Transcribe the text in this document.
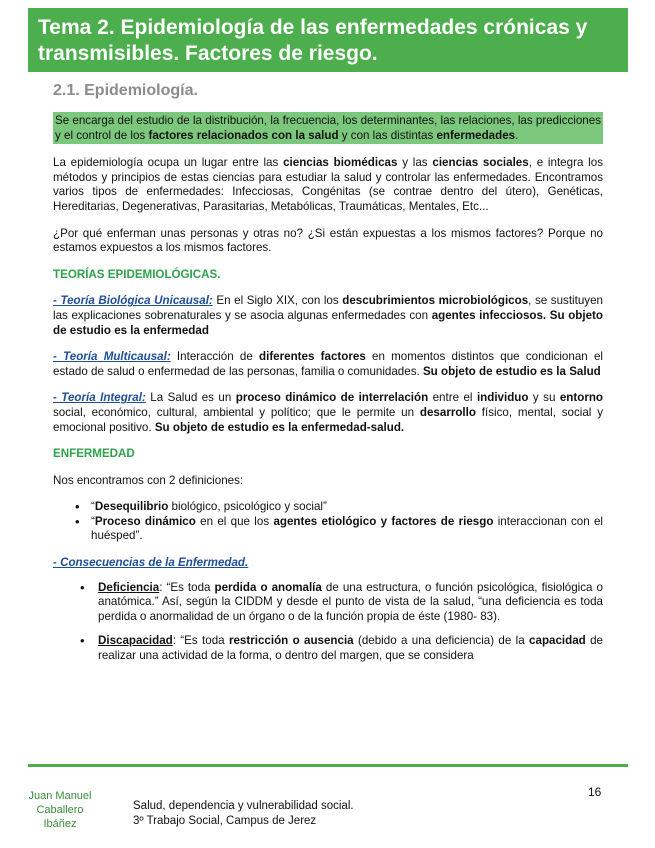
Tema 2. Epidemiología de las enfermedades crónicas y transmisibles. Factores de riesgo.
2.1. Epidemiología.

Se encarga del estudio de la distribución, la frecuencia, los determinantes, las relaciones, las predicciones y el control de los factores relacionados con la salud y con las distintas enfermedades.

La epidemiología ocupa un lugar entre las ciencias biomédicas y las ciencias sociales, e integra los métodos y principios de estas ciencias para estudiar la salud y controlar las enfermedades. Encontramos varios tipos de enfermedades: Infecciosas, Congénitas (se contrae dentro del útero), Genéticas, Hereditarias, Degenerativas, Parasitarias, Metabólicas, Traumáticas, Mentales, Etc...

¿Por qué enferman unas personas y otras no? ¿Si están expuestas a los mismos factores? Porque no estamos expuestos a los mismos factores.

TEORÍAS EPIDEMIOLÓGICAS.

- Teoría Biológica Unicausal: En el Siglo XIX, con los descubrimientos microbiológicos, se sustituyen las explicaciones sobrenaturales y se asocia algunas enfermedades con agentes infecciosos. Su objeto de estudio es la enfermedad

- Teoría Multicausal: Interacción de diferentes factores en momentos distintos que condicionan el estado de salud o enfermedad de las personas, familia o comunidades. Su objeto de estudio es la Salud

- Teoría Integral: La Salud es un proceso dinámico de interrelación entre el individuo y su entorno social, económico, cultural, ambiental y político; que le permite un desarrollo físico, mental, social y emocional positivo. Su objeto de estudio es la enfermedad-salud.

ENFERMEDAD

Nos encontramos con 2 definiciones:

• “Desequilibrio biológico, psicológico y social”
• “Proceso dinámico en el que los agentes etiológico y factores de riesgo interaccionan con el huésped”.
- Consecuencias de la Enfermedad.
• Deficiencia: “Es toda perdida o anomalía de una estructura, o función psicológica, fisiológica o anatómica.” Así, según la CIDDM y desde el punto de vista de la salud, “una deficiencia es toda perdida o anormalidad de un órgano o de la función propia de éste (1980- 83).
• Discapacidad: “Es toda restricción o ausencia (debido a una deficiencia) de la capacidad de realizar una actividad de la forma, o dentro del margen, que se considera
16
Juan Manuel
Caballero
Ibáñez
Salud, dependencia y vulnerabilidad social.
3º Trabajo Social, Campus de Jerez
